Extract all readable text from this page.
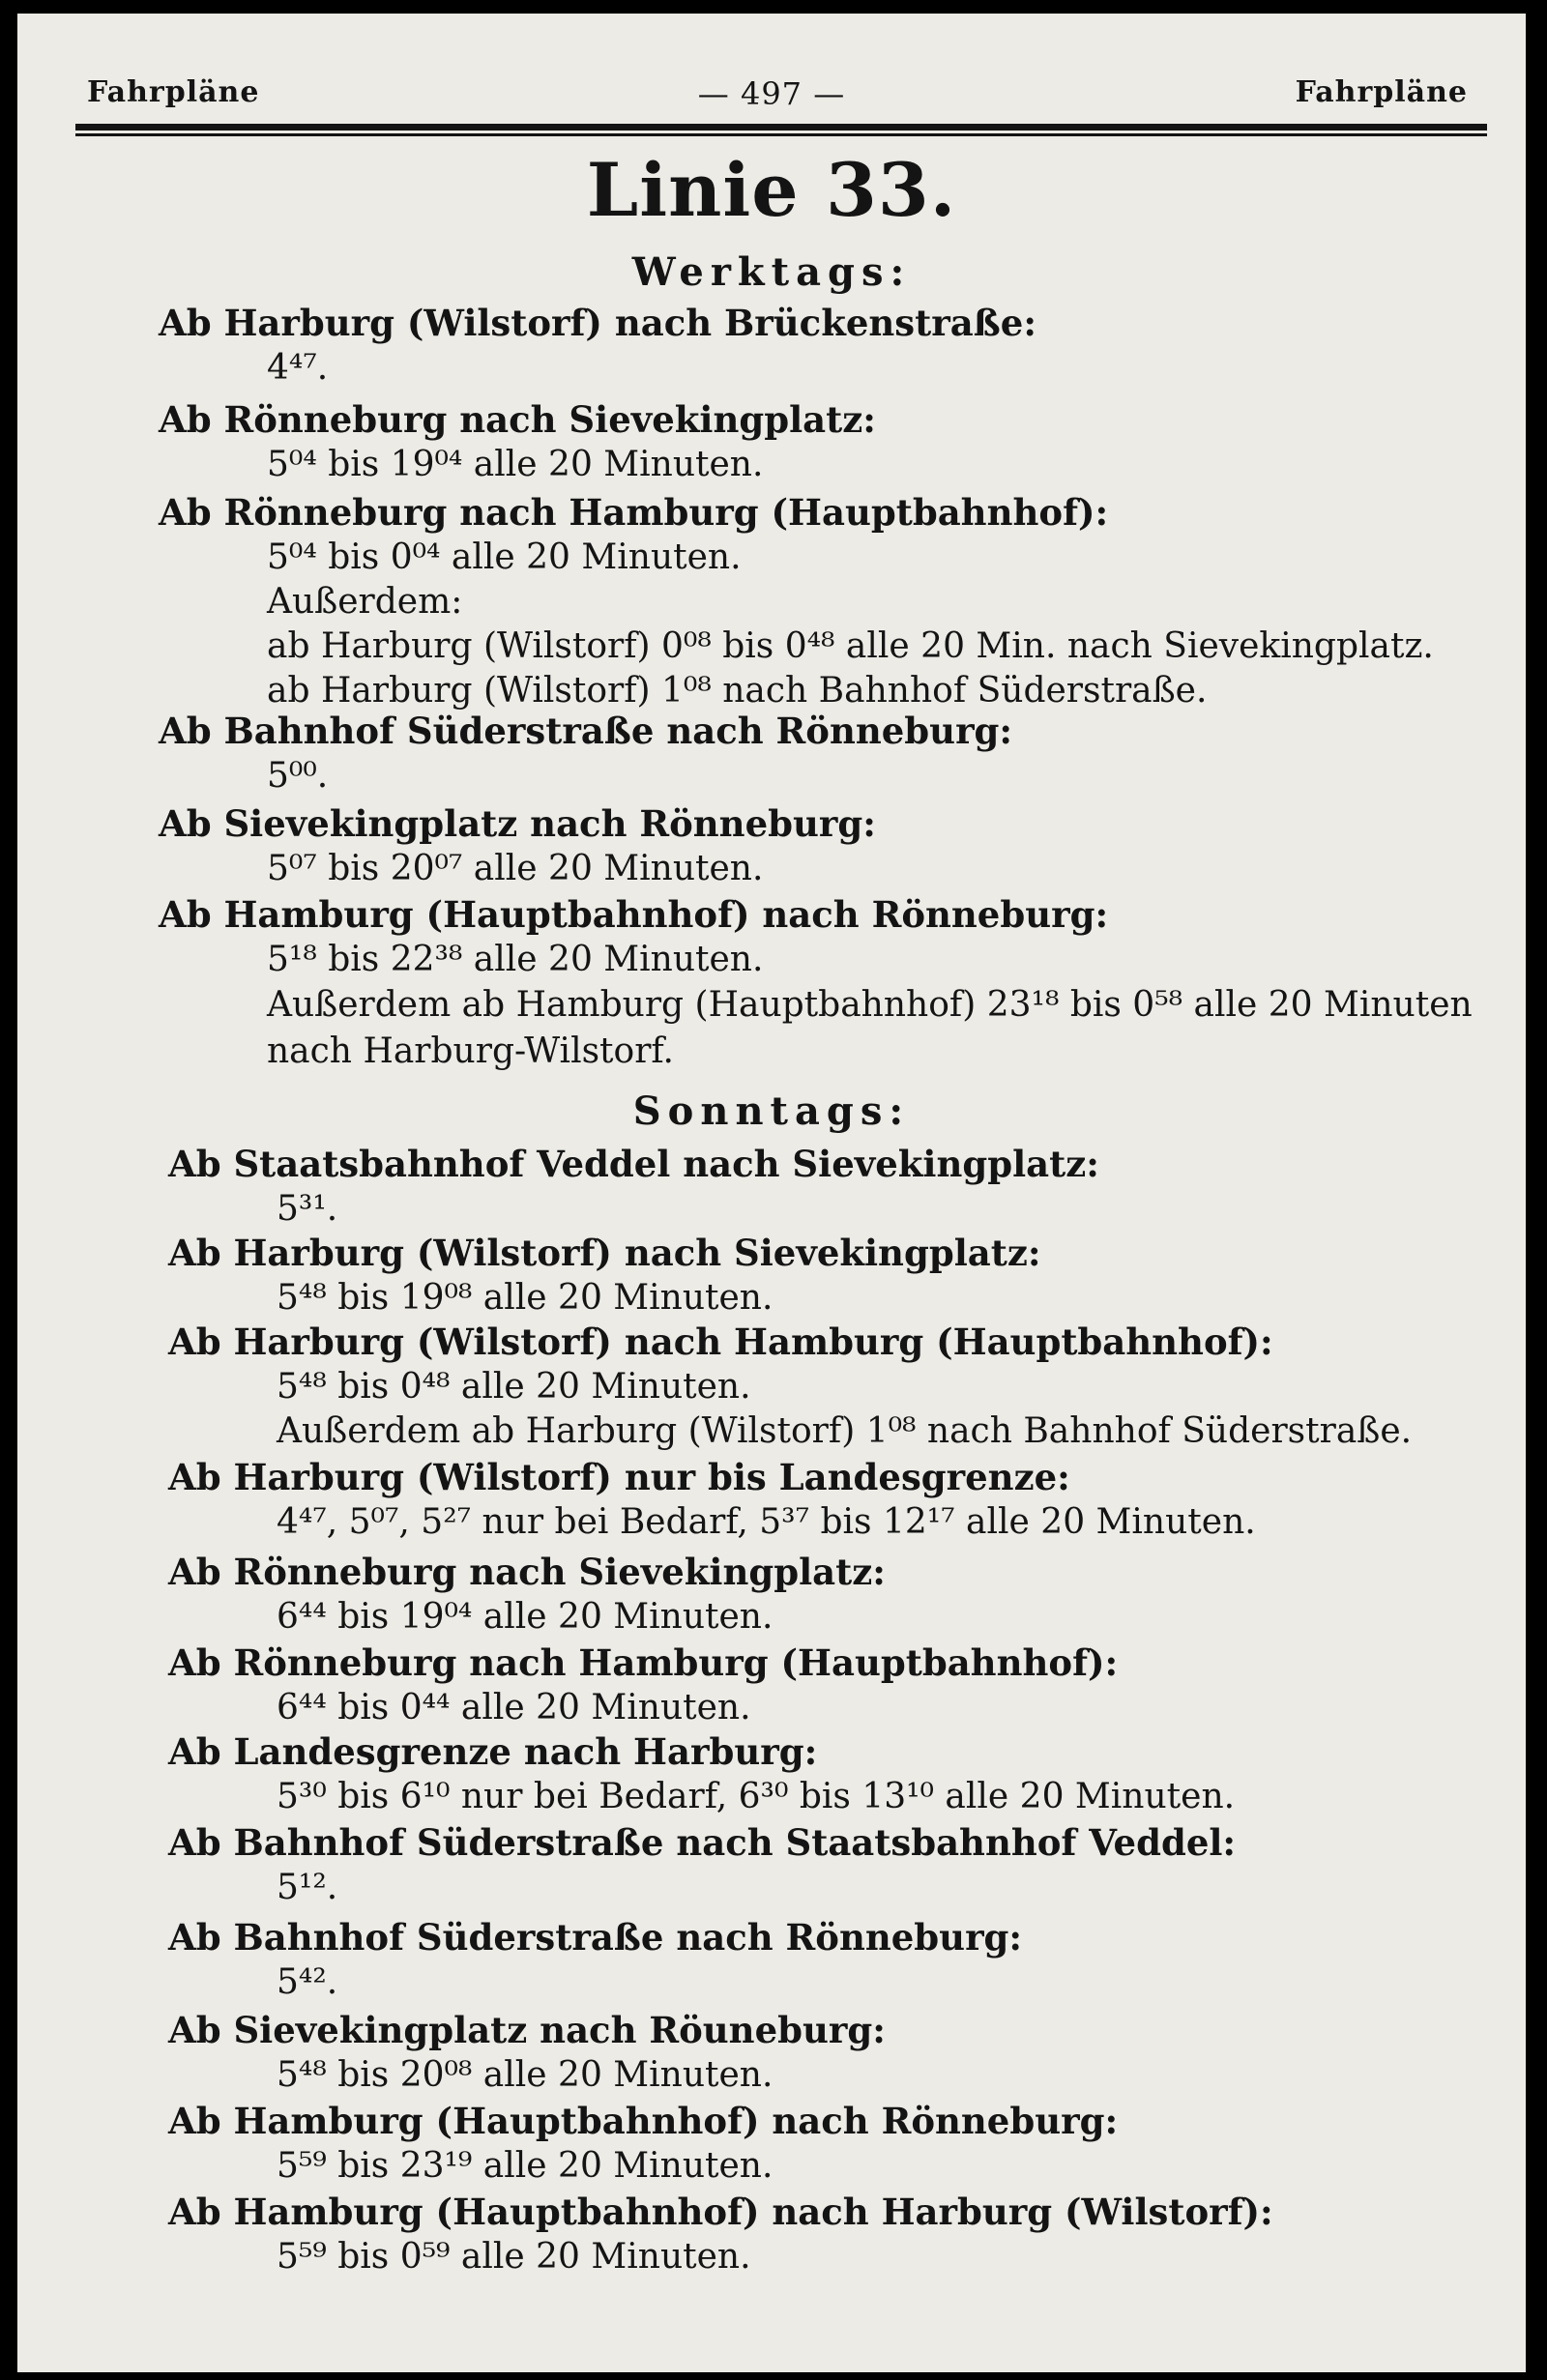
Fahrpläne	— 497 —	Fahrpläne
Linie 33.
Werktags:
Ab Harburg (Wilstorf) nach Brückenstraße:
4⁴⁷.
Ab Rönneburg nach Sievekingplatz:
5⁰⁴ bis 19⁰⁴ alle 20 Minuten.
Ab Rönneburg nach Hamburg (Hauptbahnhof):
5⁰⁴ bis 0⁰⁴ alle 20 Minuten.
Außerdem:
ab Harburg (Wilstorf) 0⁰⁸ bis 0⁴⁸ alle 20 Min. nach Sievekingplatz.
ab Harburg (Wilstorf) 1⁰⁸ nach Bahnhof Süderstraße.
Ab Bahnhof Süderstraße nach Rönneburg:
5⁰⁰.
Ab Sievekingplatz nach Rönneburg:
5⁰⁷ bis 20⁰⁷ alle 20 Minuten.
Ab Hamburg (Hauptbahnhof) nach Rönneburg:
5¹⁸ bis 22³⁸ alle 20 Minuten.
Außerdem ab Hamburg (Hauptbahnhof) 23¹⁸ bis 0⁵⁸ alle 20 Minuten
nach Harburg-Wilstorf.
Sonntags:
Ab Staatsbahnhof Veddel nach Sievekingplatz:
5³¹.
Ab Harburg (Wilstorf) nach Sievekingplatz:
5⁴⁸ bis 19⁰⁸ alle 20 Minuten.
Ab Harburg (Wilstorf) nach Hamburg (Hauptbahnhof):
5⁴⁸ bis 0⁴⁸ alle 20 Minuten.
Außerdem ab Harburg (Wilstorf) 1⁰⁸ nach Bahnhof Süderstraße.
Ab Harburg (Wilstorf) nur bis Landesgrenze:
4⁴⁷, 5⁰⁷, 5²⁷ nur bei Bedarf, 5³⁷ bis 12¹⁷ alle 20 Minuten.
Ab Rönneburg nach Sievekingplatz:
6⁴⁴ bis 19⁰⁴ alle 20 Minuten.
Ab Rönneburg nach Hamburg (Hauptbahnhof):
6⁴⁴ bis 0⁴⁴ alle 20 Minuten.
Ab Landesgrenze nach Harburg:
5³⁰ bis 6¹⁰ nur bei Bedarf, 6³⁰ bis 13¹⁰ alle 20 Minuten.
Ab Bahnhof Süderstraße nach Staatsbahnhof Veddel:
5¹².
Ab Bahnhof Süderstraße nach Rönneburg:
5⁴².
Ab Sievekingplatz nach Röuneburg:
5⁴⁸ bis 20⁰⁸ alle 20 Minuten.
Ab Hamburg (Hauptbahnhof) nach Rönneburg:
5⁵⁹ bis 23¹⁹ alle 20 Minuten.
Ab Hamburg (Hauptbahnhof) nach Harburg (Wilstorf):
5⁵⁹ bis 0⁵⁹ alle 20 Minuten.
